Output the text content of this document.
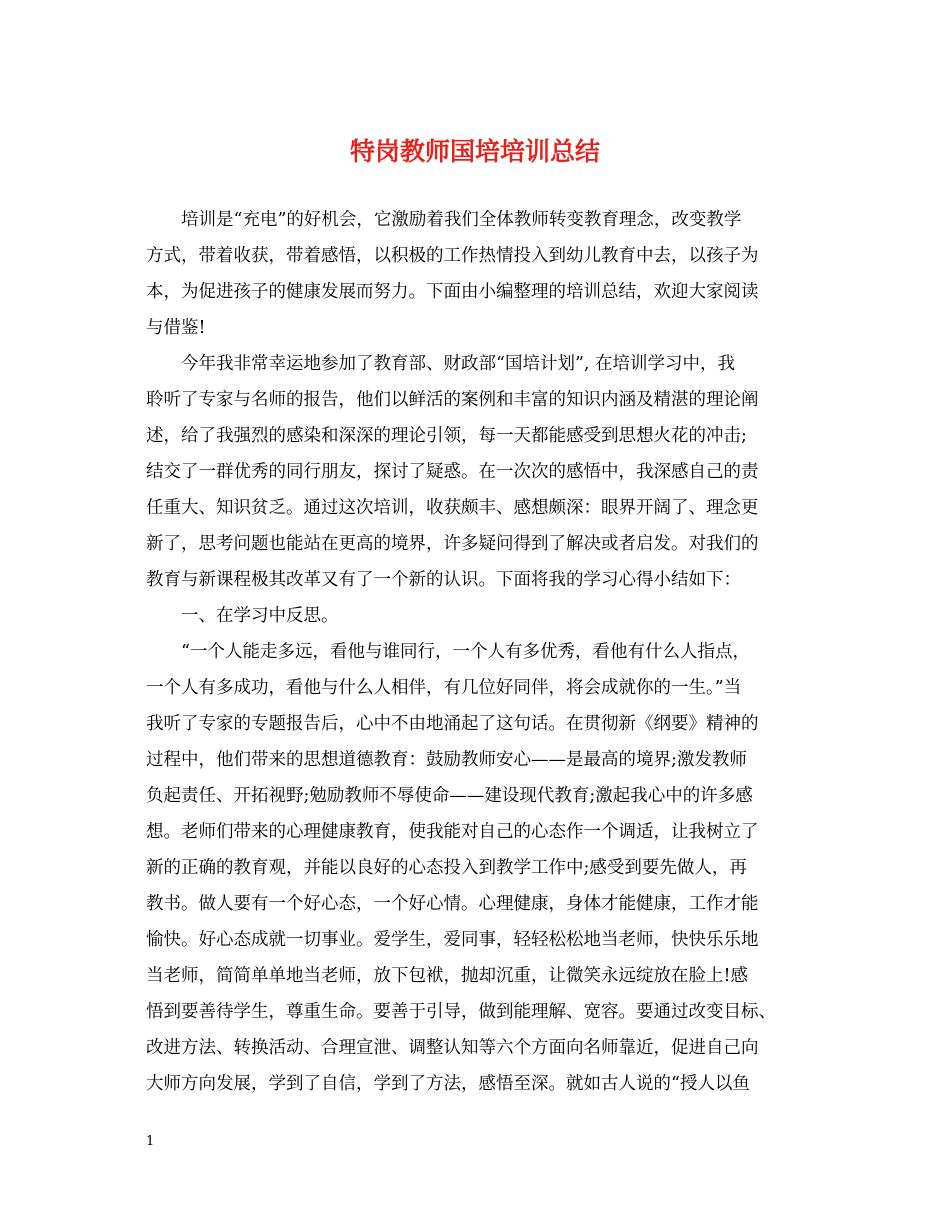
特岗教师国培培训总结
　　培训是“充电”的好机会，它激励着我们全体教师转变教育理念，改变教学
方式，带着收获，带着感悟，以积极的工作热情投入到幼儿教育中去，以孩子为
本，为促进孩子的健康发展而努力。下面由小编整理的培训总结，欢迎大家阅读
与借鉴!
　　今年我非常幸运地参加了教育部、财政部“国培计划”, 在培训学习中，我
聆听了专家与名师的报告，他们以鲜活的案例和丰富的知识内涵及精湛的理论阐
述，给了我强烈的感染和深深的理论引领，每一天都能感受到思想火花的冲击;
结交了一群优秀的同行朋友，探讨了疑惑。在一次次的感悟中，我深感自己的责
任重大、知识贫乏。通过这次培训，收获颇丰、感想颇深：眼界开阔了、理念更
新了，思考问题也能站在更高的境界，许多疑问得到了解决或者启发。对我们的
教育与新课程极其改革又有了一个新的认识。下面将我的学习心得小结如下：
　　一、在学习中反思。
　　“一个人能走多远，看他与谁同行，一个人有多优秀，看他有什么人指点，
一个人有多成功，看他与什么人相伴，有几位好同伴，将会成就你的一生。”当
我听了专家的专题报告后，心中不由地涌起了这句话。在贯彻新《纲要》精神的
过程中，他们带来的思想道德教育：鼓励教师安心——是最高的境界;激发教师
负起责任、开拓视野;勉励教师不辱使命——建设现代教育;激起我心中的许多感
想。老师们带来的心理健康教育，使我能对自己的心态作一个调适，让我树立了
新的正确的教育观，并能以良好的心态投入到教学工作中;感受到要先做人，再
教书。做人要有一个好心态，一个好心情。心理健康，身体才能健康，工作才能
愉快。好心态成就一切事业。爱学生，爱同事，轻轻松松地当老师，快快乐乐地
当老师，简简单单地当老师，放下包袱，抛却沉重，让微笑永远绽放在脸上!感
悟到要善待学生，尊重生命。要善于引导，做到能理解、宽容。要通过改变目标、
改进方法、转换活动、合理宣泄、调整认知等六个方面向名师靠近，促进自己向
大师方向发展，学到了自信，学到了方法，感悟至深。就如古人说的“授人以鱼
1
